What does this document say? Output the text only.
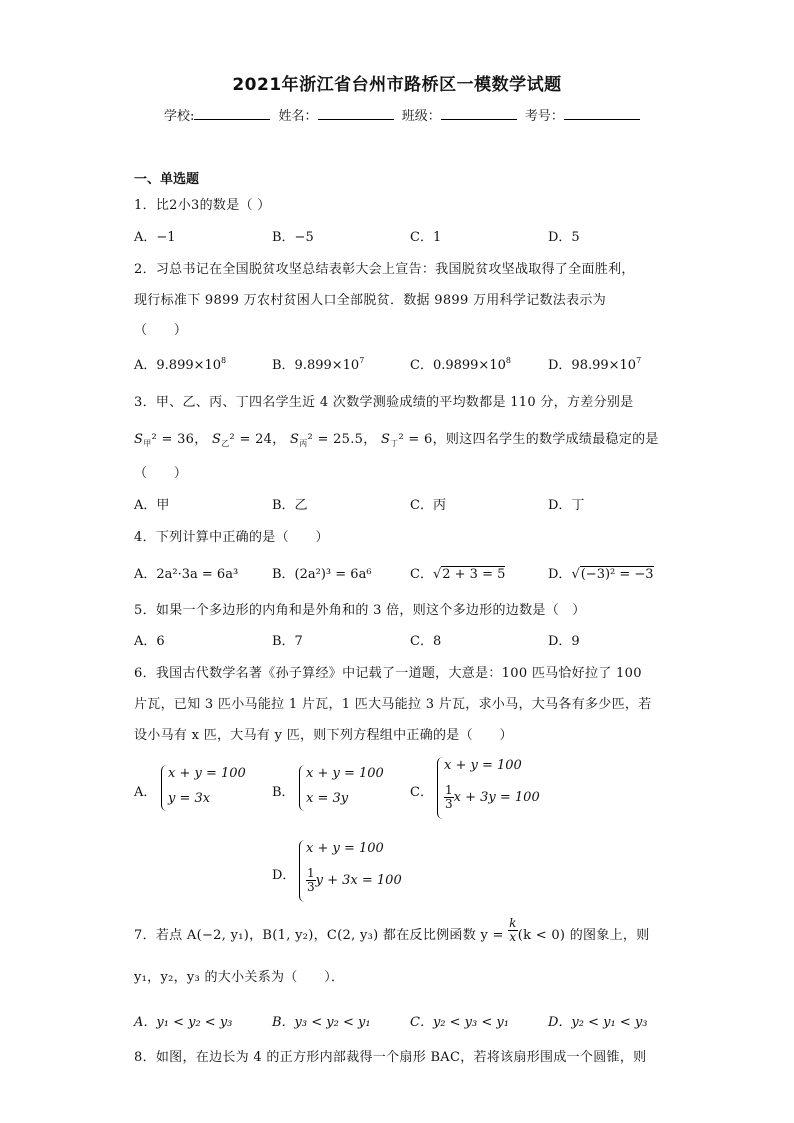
2021年浙江省台州市路桥区一模数学试题
学校:	姓名：	班级：	考号：
一、单选题
1．比2小3的数是（ ）
A．−1	B．−5	C．1	D．5
2．习总书记在全国脱贫攻坚总结表彰大会上宣告：我国脱贫攻坚战取得了全面胜利，
现行标准下 9899 万农村贫困人口全部脱贫．数据 9899 万用科学记数法表示为
（　　）
A．$9.899\times 10^8$	B．$9.899\times 10^7$	C．$0.9899\times 10^8$	D．$98.99\times 10^7$
3．甲、乙、丙、丁四名学生近 4 次数学测验成绩的平均数都是 110 分，方差分别是
$S_甲^2 = 36$， $S_乙^2 = 24$， $S_丙^2 = 25.5$， $S_丁^2 = 6$，则这四名学生的数学成绩最稳定的是
（　　）
A．甲	B．乙	C．丙	D．丁
4．下列计算中正确的是（　　）
A．2a²·3a = 6a³	B．(2a²)³ = 6a⁶	C．√2 + 3 = 5	D．√(−3)² = −3
5．如果一个多边形的内角和是外角和的 3 倍，则这个多边形的边数是（　）
A．6	B．7	C．8	D．9
6．我国古代数学名著《孙子算经》中记载了一道题，大意是：100 匹马恰好拉了 100
片瓦，已知 3 匹小马能拉 1 片瓦，1 匹大马能拉 3 片瓦，求小马，大马各有多少匹，若
设小马有 x 匹，大马有 y 匹，则下列方程组中正确的是（　　）
A．
x + y = 100
y = 3x	B．
x + y = 100
x = 3y	C．
x + y = 100
$\frac{1}{3}$ x + 3y = 100
D．
x + y = 100
$\frac{1}{3}$ y + 3x = 100
7．若点 A(−2, y₁)，B(1, y₂)，C(2, y₃) 都在反比例函数 $y = \frac{k}{x} (k < 0)$ 的图象上，则
y₁，y₂，y₃ 的大小关系为（　　）．
A．y₁ < y₂ < y₃	B．y₃ < y₂ < y₁	C．y₂ < y₃ < y₁	D．y₂ < y₁ < y₃
8．如图，在边长为 4 的正方形内部裁得一个扇形 BAC，若将该扇形围成一个圆锥，则
